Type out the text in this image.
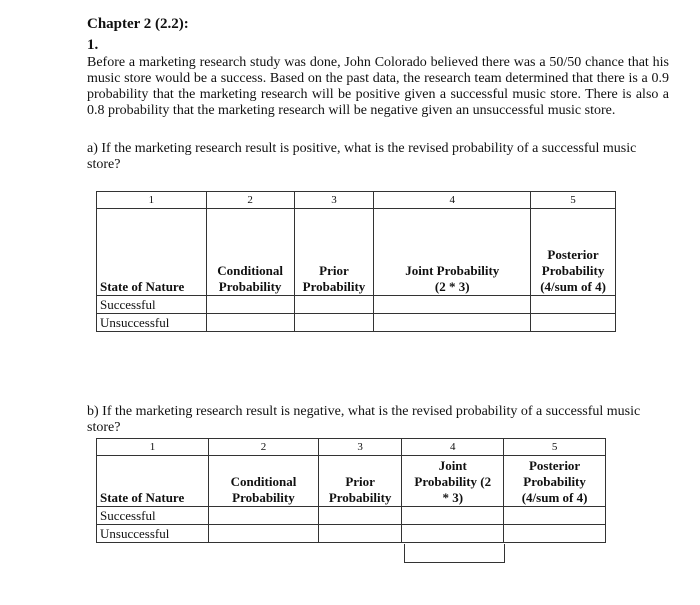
Chapter 2 (2.2):
1.
Before a marketing research study was done, John Colorado believed there was a 50/50 chance that his music store would be a success. Based on the past data, the research team determined that there is a 0.9 probability that the marketing research will be positive given a successful music store. There is also a 0.8 probability that the marketing research will be negative given an unsuccessful music store.
a) If the marketing research result is positive, what is the revised probability of a successful music store?
1	2	3	4	5
State of Nature	Conditional Probability	Prior Probability	Joint Probability (2 * 3)	Posterior Probability (4/sum of 4)
Successful				
Unsuccessful				
b) If the marketing research result is negative, what is the revised probability of a successful music store?
1	2	3	4	5
State of Nature	Conditional Probability	Prior Probability	Joint Probability (2 * 3)	Posterior Probability (4/sum of 4)
Successful				
Unsuccessful				
